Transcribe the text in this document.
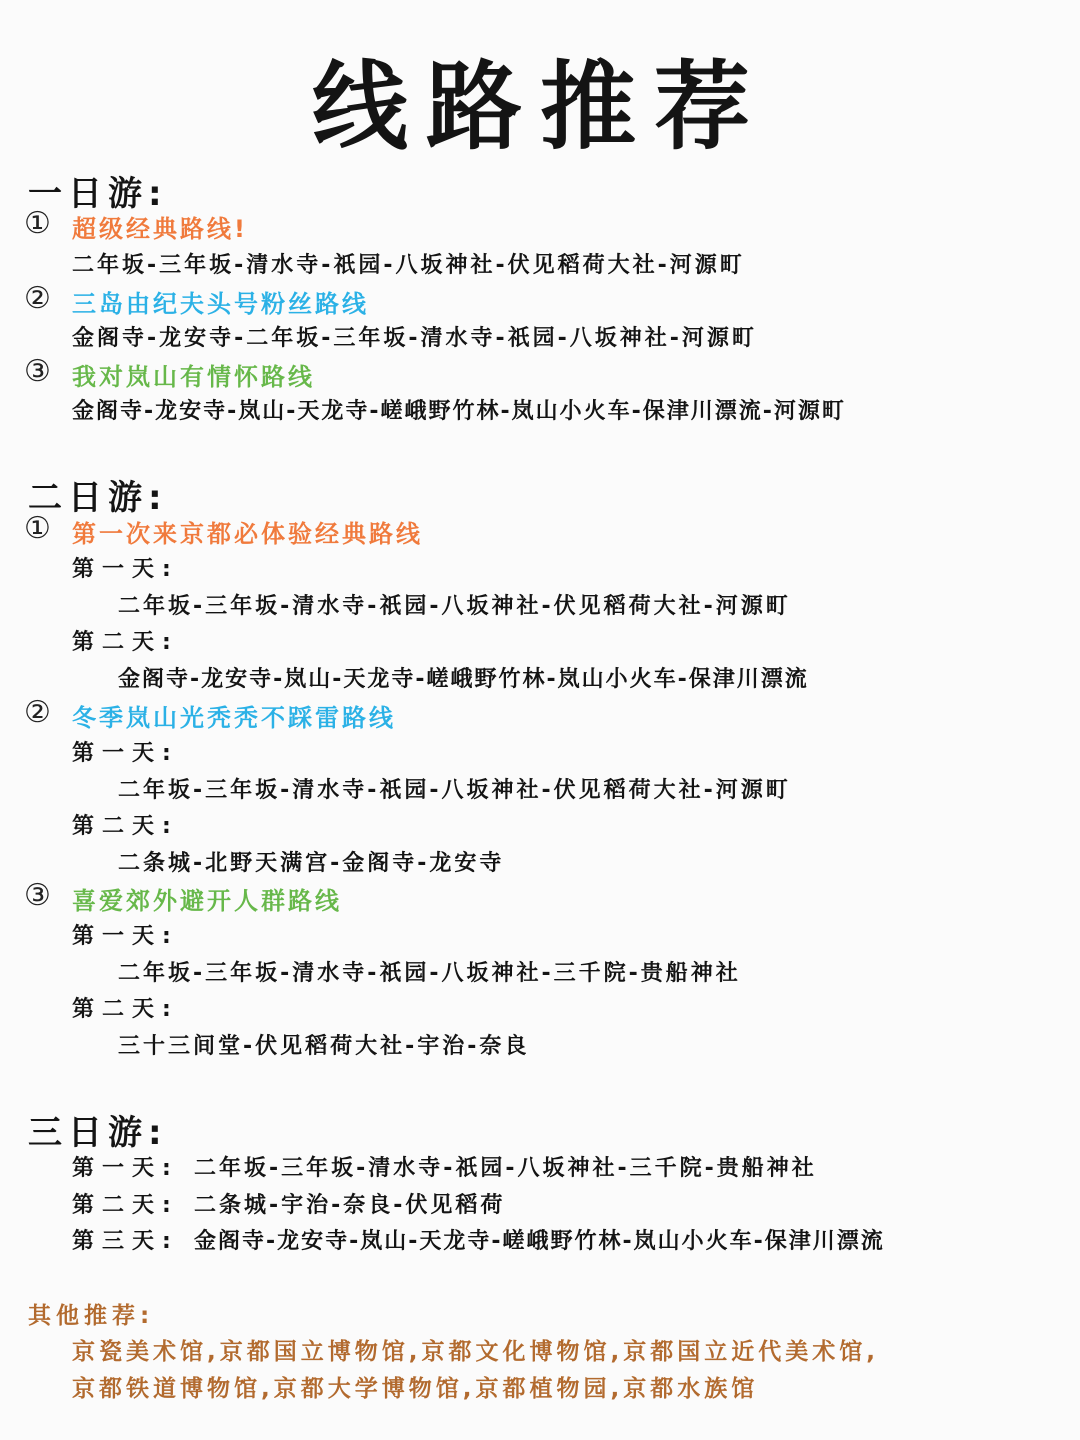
线路推荐
一日游:
① 超级经典路线!
二年坂-三年坂-清水寺-祇园-八坂神社-伏见稻荷大社-河源町
② 三岛由纪夫头号粉丝路线
金阁寺-龙安寺-二年坂-三年坂-清水寺-祇园-八坂神社-河源町
③ 我对岚山有情怀路线
金阁寺-龙安寺-岚山-天龙寺-嵯峨野竹林-岚山小火车-保津川漂流-河源町
二日游:
① 第一次来京都必体验经典路线
第一天:
二年坂-三年坂-清水寺-祇园-八坂神社-伏见稻荷大社-河源町
第二天:
金阁寺-龙安寺-岚山-天龙寺-嵯峨野竹林-岚山小火车-保津川漂流
② 冬季岚山光秃秃不踩雷路线
第一天:
二年坂-三年坂-清水寺-祇园-八坂神社-伏见稻荷大社-河源町
第二天:
二条城-北野天满宫-金阁寺-龙安寺
③ 喜爱郊外避开人群路线
第一天:
二年坂-三年坂-清水寺-祇园-八坂神社-三千院-贵船神社
第二天:
三十三间堂-伏见稻荷大社-宇治-奈良
三日游:
第一天: 二年坂-三年坂-清水寺-祇园-八坂神社-三千院-贵船神社
第二天: 二条城-宇治-奈良-伏见稻荷
第三天: 金阁寺-龙安寺-岚山-天龙寺-嵯峨野竹林-岚山小火车-保津川漂流
其他推荐:
京瓷美术馆,京都国立博物馆,京都文化博物馆,京都国立近代美术馆,
京都铁道博物馆,京都大学博物馆,京都植物园,京都水族馆
